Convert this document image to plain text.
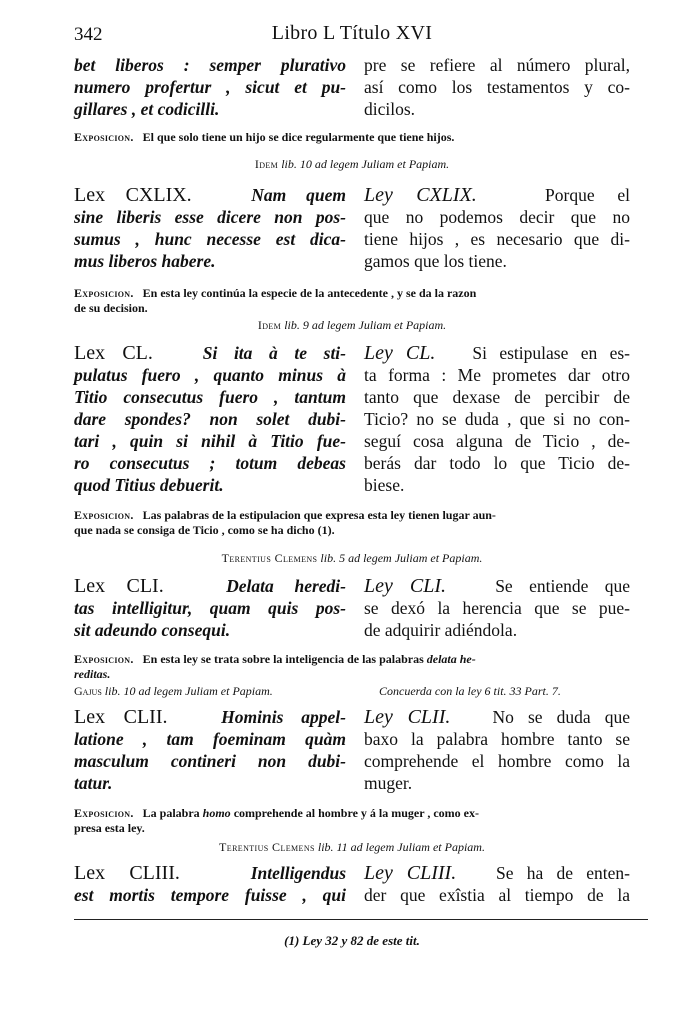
342	Libro L Título XVI
bet liberos : semper plurativo
numero profertur , sicut et pu-
gillares , et codicilli.
pre se refiere al número plural,
así como los testamentos y co-
dicilos.
Exposicion. El que solo tiene un hijo se dice regularmente que tiene hijos.
Idem lib. 10 ad legem Juliam et Papiam.
Lex CXLIX.	Nam quem
sine liberis esse dicere non pos-
sumus , hunc necesse est dica-
mus liberos habere.
Ley CXLIX.	Porque el
que no podemos decir que no
tiene hijos , es necesario que di-
gamos que los tiene.
Exposicion. En esta ley continúa la especie de la antecedente , y se da la razon
de su decision.
Idem lib. 9 ad legem Juliam et Papiam.
Lex CL.	Si ita à te sti-
pulatus fuero , quanto minus à
Titio consecutus fuero , tantum
dare spondes? non solet dubi-
tari , quin si nihil à Titio fue-
ro consecutus ; totum debeas
quod Titius debuerit.
Ley CL. Si estipulase en es-
ta forma : Me prometes dar otro
tanto que dexase de percibir de
Ticio? no se duda , que si no con-
seguí cosa alguna de Ticio , de-
berás dar todo lo que Ticio de-
biese.
Exposicion. Las palabras de la estipulacion que expresa esta ley tienen lugar aun-
que nada se consiga de Ticio , como se ha dicho (1).
Terentius Clemens lib. 5 ad legem Juliam et Papiam.
Lex CLI.	Delata heredi-
tas intelligitur, quam quis pos-
sit adeundo consequi.
Ley CLI.	Se entiende que
se dexó la herencia que se pue-
de adquirir adiéndola.
Exposicion. En esta ley se trata sobre la inteligencia de las palabras delata he-
reditas.
Gajus lib. 10 ad legem Juliam et Papiam.	Concuerda con la ley 6 tit. 33 Part. 7.
Lex CLII.	Hominis appel-
latione , tam foeminam quàm
masculum contineri non dubi-
tatur.
Ley CLII. No se duda que
baxo la palabra hombre tanto se
comprehende el hombre como la
muger.
Exposicion. La palabra homo comprehende al hombre y á la muger , como ex-
presa esta ley.
Terentius Clemens lib. 11 ad legem Juliam et Papiam.
Lex CLIII.	Intelligendus
est mortis tempore fuisse , qui
Ley CLIII. Se ha de enten-
der que exîstia al tiempo de la
(1) Ley 32 y 82 de este tit.
